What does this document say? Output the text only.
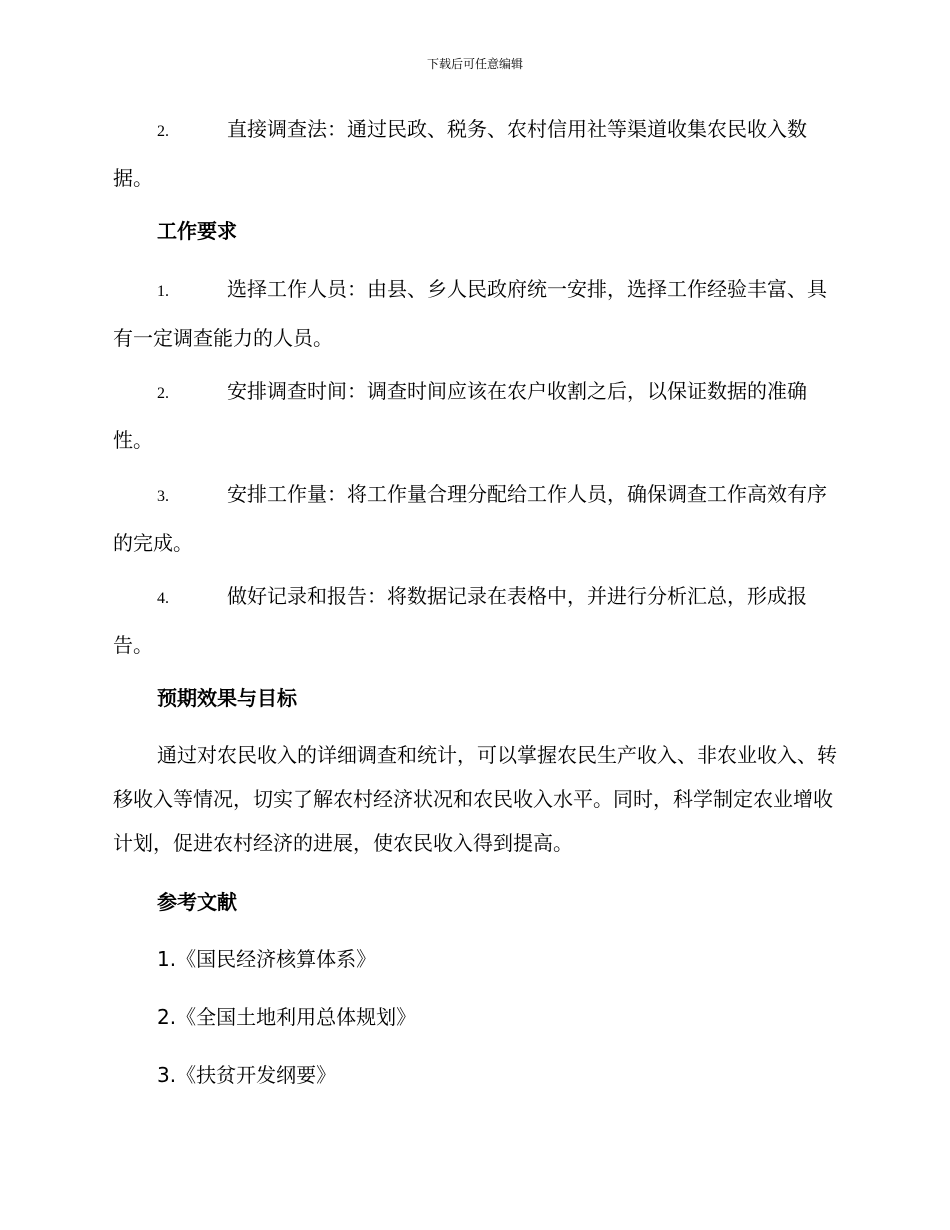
下载后可任意编辑
2.	直接调查法：通过民政、税务、农村信用社等渠道收集农民收入数据。
工作要求
1.	选择工作人员：由县、乡人民政府统一安排，选择工作经验丰富、具有一定调查能力的人员。
2.	安排调查时间：调查时间应该在农户收割之后，以保证数据的准确性。
3.	安排工作量：将工作量合理分配给工作人员，确保调查工作高效有序的完成。
4.	做好记录和报告：将数据记录在表格中，并进行分析汇总，形成报告。
预期效果与目标
通过对农民收入的详细调查和统计，可以掌握农民生产收入、非农业收入、转移收入等情况，切实了解农村经济状况和农民收入水平。同时，科学制定农业增收计划，促进农村经济的进展，使农民收入得到提高。
参考文献
1.《国民经济核算体系》
2.《全国土地利用总体规划》
3.《扶贫开发纲要》
